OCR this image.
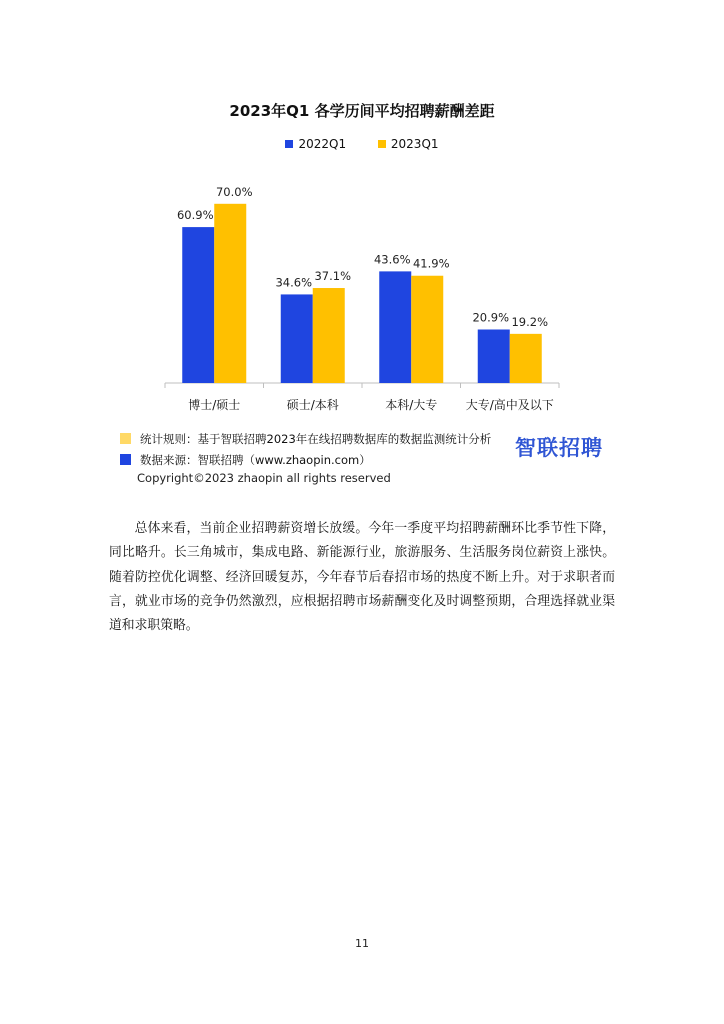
2023年Q1 各学历间平均招聘薪酬差距
2022Q1
	2023Q1
60.9%
70.0%
博士/硕士
34.6% 37.1%
硕士/本科
43.6% 41.9%
本科/大专
20.9% 19.2%
大专/高中及以下
统计规则：基于智联招聘2023年在线招聘数据库的数据监测统计分析
数据来源：智联招聘（www.zhaopin.com）	智联招聘
Copyright©2023 zhaopin all rights reserved
总体来看，当前企业招聘薪资增长放缓。今年一季度平均招聘薪酬环比季节性下降，同比略升。长三角城市，集成电路、新能源行业，旅游服务、生活服务岗位薪资上涨快。随着防控优化调整、经济回暖复苏，今年春节后春招市场的热度不断上升。对于求职者而言，就业市场的竞争仍然激烈，应根据招聘市场薪酬变化及时调整预期，合理选择就业渠道和求职策略。
11
